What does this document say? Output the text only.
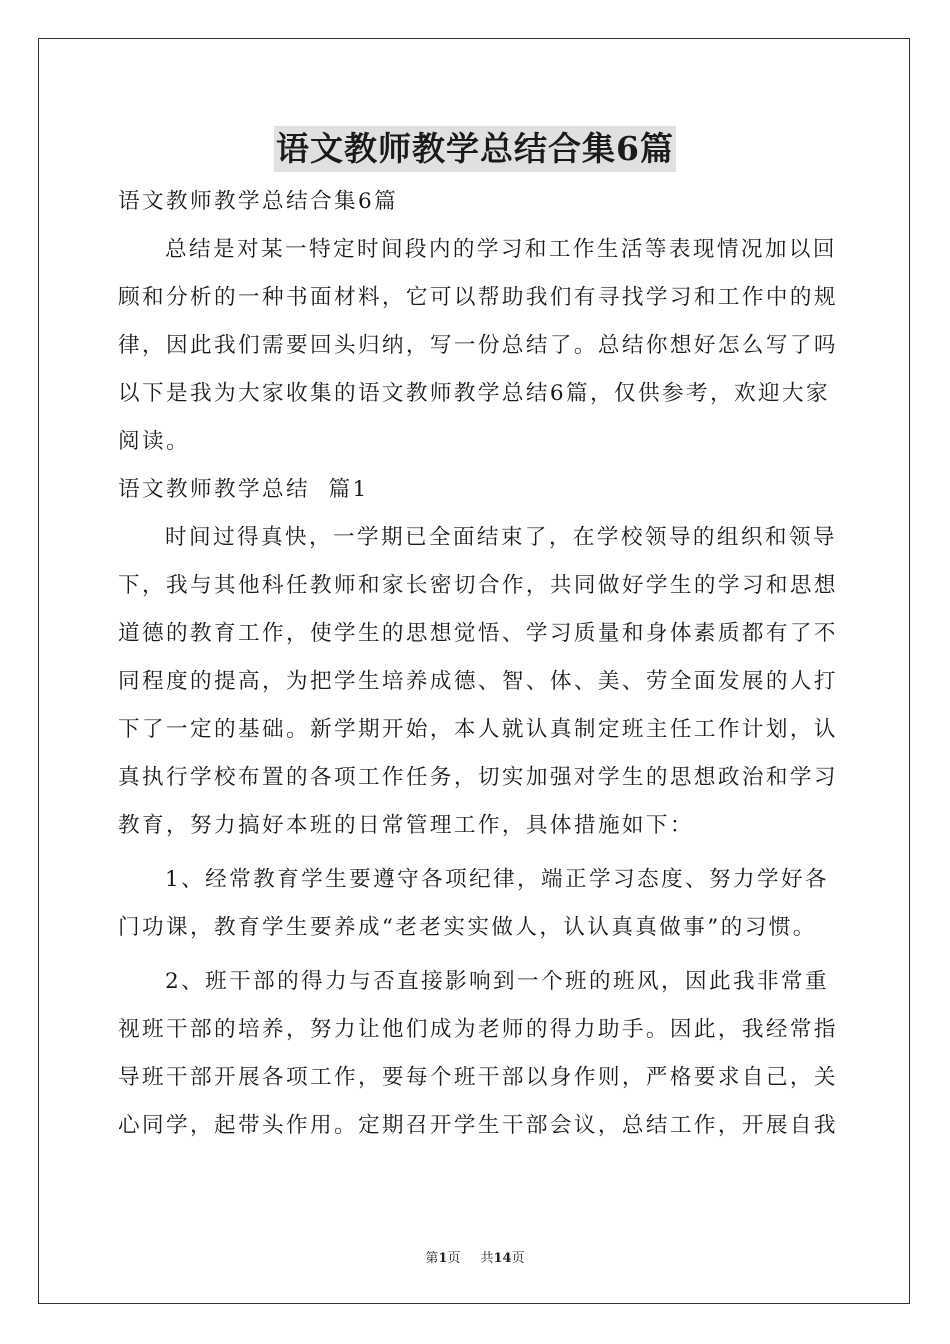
语文教师教学总结合集6篇
语文教师教学总结合集6篇
总结是对某一特定时间段内的学习和工作生活等表现情况加以回
顾和分析的一种书面材料，它可以帮助我们有寻找学习和工作中的规
律，因此我们需要回头归纳，写一份总结了。总结你想好怎么写了吗
以下是我为大家收集的语文教师教学总结6篇，仅供参考，欢迎大家
阅读。
语文教师教学总结  篇1
时间过得真快，一学期已全面结束了，在学校领导的组织和领导
下，我与其他科任教师和家长密切合作，共同做好学生的学习和思想
道德的教育工作，使学生的思想觉悟、学习质量和身体素质都有了不
同程度的提高，为把学生培养成德、智、体、美、劳全面发展的人打
下了一定的基础。新学期开始，本人就认真制定班主任工作计划，认
真执行学校布置的各项工作任务，切实加强对学生的思想政治和学习
教育，努力搞好本班的日常管理工作，具体措施如下：
1、经常教育学生要遵守各项纪律，端正学习态度、努力学好各
门功课，教育学生要养成“老老实实做人，认认真真做事”的习惯。
2、班干部的得力与否直接影响到一个班的班风，因此我非常重
视班干部的培养，努力让他们成为老师的得力助手。因此，我经常指
导班干部开展各项工作，要每个班干部以身作则，严格要求自己，关
心同学，起带头作用。定期召开学生干部会议，总结工作，开展自我
第1页 共14页
